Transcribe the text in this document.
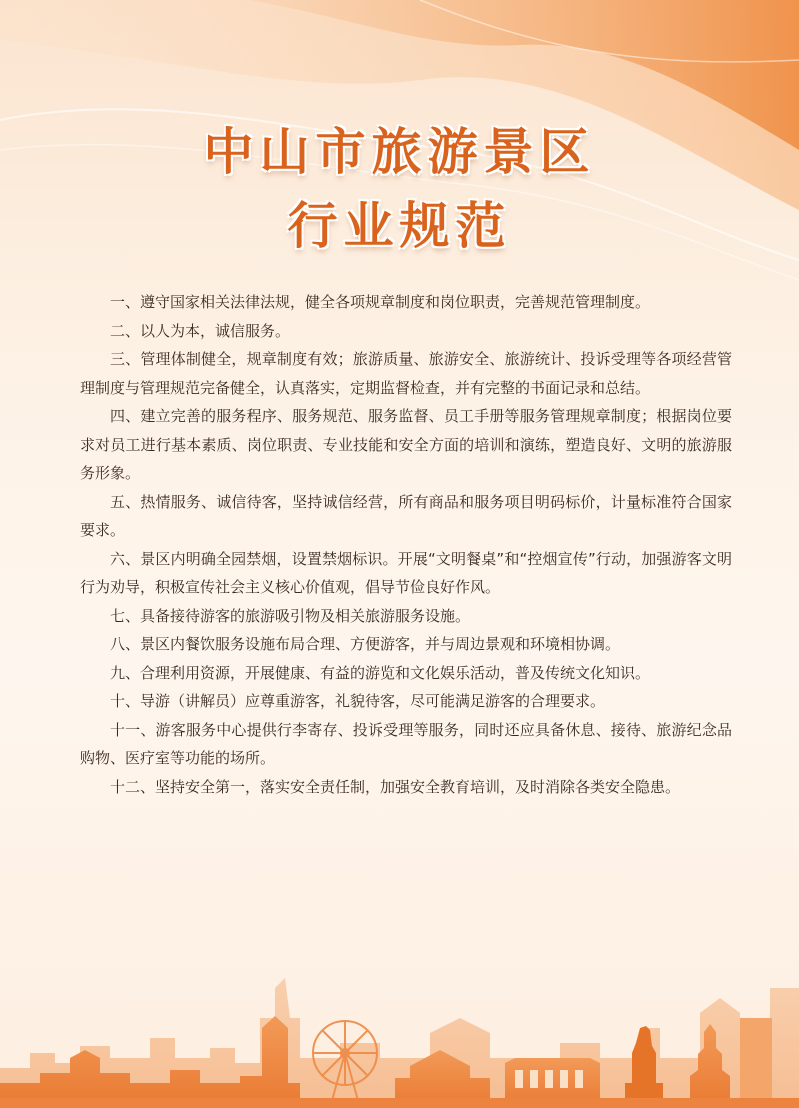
中山市旅游景区
行业规范

一、遵守国家相关法律法规，健全各项规章制度和岗位职责，完善规范管理制度。

二、以人为本，诚信服务。

三、管理体制健全，规章制度有效；旅游质量、旅游安全、旅游统计、投诉受理等各项经营管理制度与管理规范完备健全，认真落实，定期监督检查，并有完整的书面记录和总结。

四、建立完善的服务程序、服务规范、服务监督、员工手册等服务管理规章制度；根据岗位要求对员工进行基本素质、岗位职责、专业技能和安全方面的培训和演练，塑造良好、文明的旅游服务形象。

五、热情服务、诚信待客，坚持诚信经营，所有商品和服务项目明码标价，计量标准符合国家要求。

六、景区内明确全园禁烟，设置禁烟标识。开展“文明餐桌”和“控烟宣传”行动，加强游客文明行为劝导，积极宣传社会主义核心价值观，倡导节俭良好作风。

七、具备接待游客的旅游吸引物及相关旅游服务设施。

八、景区内餐饮服务设施布局合理、方便游客，并与周边景观和环境相协调。

九、合理利用资源，开展健康、有益的游览和文化娱乐活动，普及传统文化知识。

十、导游（讲解员）应尊重游客，礼貌待客，尽可能满足游客的合理要求。

十一、游客服务中心提供行李寄存、投诉受理等服务，同时还应具备休息、接待、旅游纪念品购物、医疗室等功能的场所。

十二、坚持安全第一，落实安全责任制，加强安全教育培训，及时消除各类安全隐患。
